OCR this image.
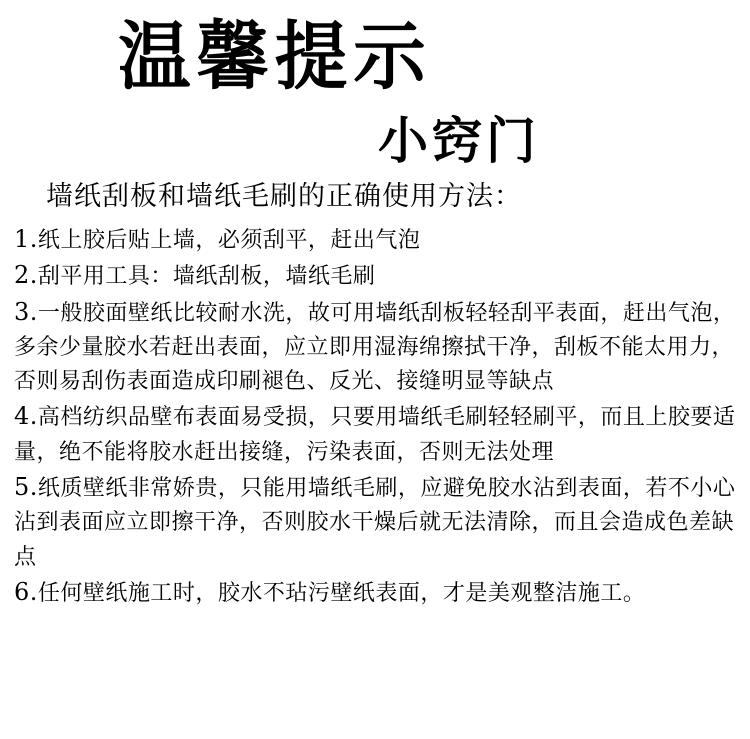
温馨提示
小窍门
墙纸刮板和墙纸毛刷的正确使用方法：

1.纸上胶后贴上墙，必须刮平，赶出气泡

2.刮平用工具：墙纸刮板，墙纸毛刷

3.一般胶面壁纸比较耐水洗，故可用墙纸刮板轻轻刮平表面，赶出气泡，多余少量胶水若赶出表面，应立即用湿海绵擦拭干净，刮板不能太用力，否则易刮伤表面造成印刷褪色、反光、接缝明显等缺点

4.高档纺织品壁布表面易受损，只要用墙纸毛刷轻轻刷平，而且上胶要适量，绝不能将胶水赶出接缝，污染表面，否则无法处理

5.纸质壁纸非常娇贵，只能用墙纸毛刷，应避免胶水沾到表面，若不小心沾到表面应立即擦干净，否则胶水干燥后就无法清除，而且会造成色差缺点

6.任何壁纸施工时，胶水不玷污壁纸表面，才是美观整洁施工。
